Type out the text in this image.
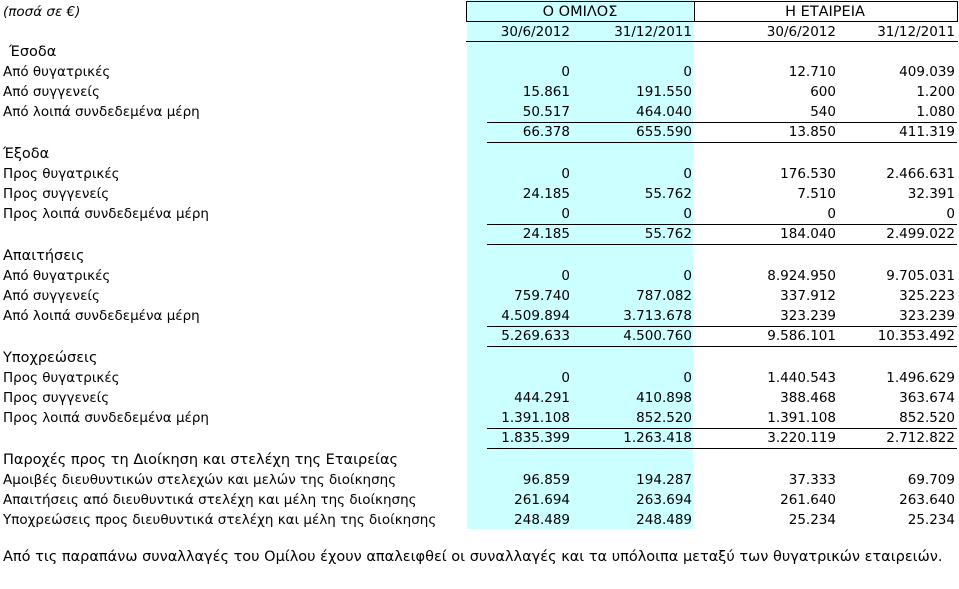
(ποσά σε €)	Ο ΟΜΙΛΟΣ	Η ΕΤΑΙΡΕΙΑ
30/6/2012	31/12/2011	30/6/2012	31/12/2011
Έσοδα
Από θυγατρικές	0	0	12.710	409.039
Από συγγενείς	15.861	191.550	600	1.200
Από λοιπά συνδεδεμένα μέρη	50.517	464.040	540	1.080
66.378	655.590	13.850	411.319
Έξοδα
Προς θυγατρικές	0	0	176.530	2.466.631
Προς συγγενείς	24.185	55.762	7.510	32.391
Προς λοιπά συνδεδεμένα μέρη	0	0	0	0
24.185	55.762	184.040	2.499.022
Απαιτήσεις
Από θυγατρικές	0	0	8.924.950	9.705.031
Από συγγενείς	759.740	787.082	337.912	325.223
Από λοιπά συνδεδεμένα μέρη	4.509.894	3.713.678	323.239	323.239
5.269.633	4.500.760	9.586.101	10.353.492
Υποχρεώσεις
Προς θυγατρικές	0	0	1.440.543	1.496.629
Προς συγγενείς	444.291	410.898	388.468	363.674
Προς λοιπά συνδεδεμένα μέρη	1.391.108	852.520	1.391.108	852.520
1.835.399	1.263.418	3.220.119	2.712.822
Παροχές προς τη Διοίκηση και στελέχη της Εταιρείας
Αμοιβές διευθυντικών στελεχών και μελών της διοίκησης	96.859	194.287	37.333	69.709
Απαιτήσεις από διευθυντικά στελέχη και μέλη της διοίκησης	261.694	263.694	261.640	263.640
Υποχρεώσεις προς διευθυντικά στελέχη και μέλη της διοίκησης	248.489	248.489	25.234	25.234
Από τις παραπάνω συναλλαγές του Ομίλου έχουν απαλειφθεί οι συναλλαγές και τα υπόλοιπα μεταξύ των θυγατρικών εταιρειών.
